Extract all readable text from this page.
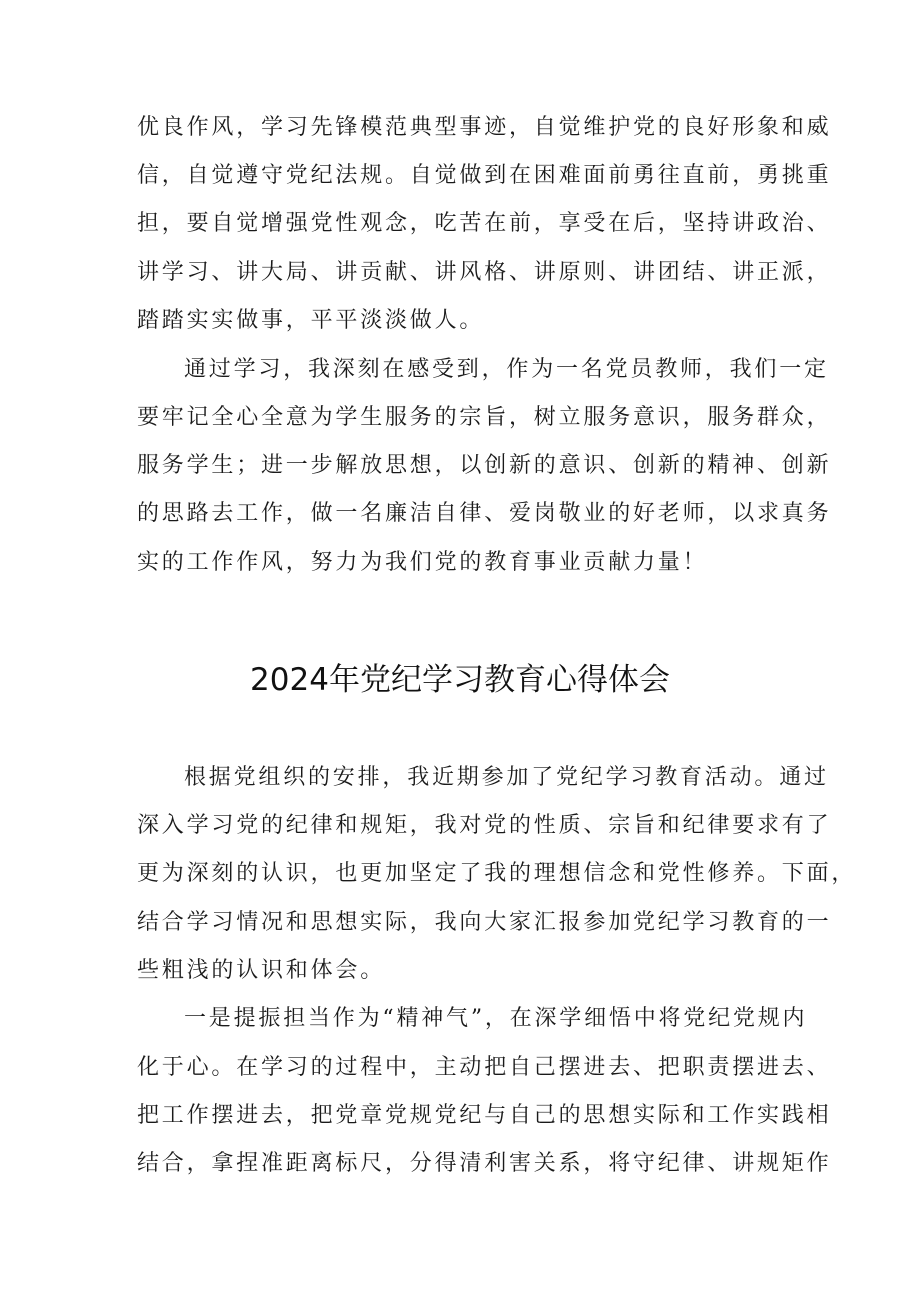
优良作风，学习先锋模范典型事迹，自觉维护党的良好形象和威
信，自觉遵守党纪法规。自觉做到在困难面前勇往直前，勇挑重
担，要自觉增强党性观念，吃苦在前，享受在后，坚持讲政治、
讲学习、讲大局、讲贡献、讲风格、讲原则、讲团结、讲正派，
踏踏实实做事，平平淡淡做人。
通过学习，我深刻在感受到，作为一名党员教师，我们一定
要牢记全心全意为学生服务的宗旨，树立服务意识，服务群众，
服务学生；进一步解放思想，以创新的意识、创新的精神、创新
的思路去工作，做一名廉洁自律、爱岗敬业的好老师，以求真务
实的工作作风，努力为我们党的教育事业贡献力量！
2024年党纪学习教育心得体会
根据党组织的安排，我近期参加了党纪学习教育活动。通过
深入学习党的纪律和规矩，我对党的性质、宗旨和纪律要求有了
更为深刻的认识，也更加坚定了我的理想信念和党性修养。下面，
结合学习情况和思想实际，我向大家汇报参加党纪学习教育的一
些粗浅的认识和体会。
一是提振担当作为“精神气”，在深学细悟中将党纪党规内
化于心。在学习的过程中，主动把自己摆进去、把职责摆进去、
把工作摆进去，把党章党规党纪与自己的思想实际和工作实践相
结合，拿捏准距离标尺，分得清利害关系，将守纪律、讲规矩作
